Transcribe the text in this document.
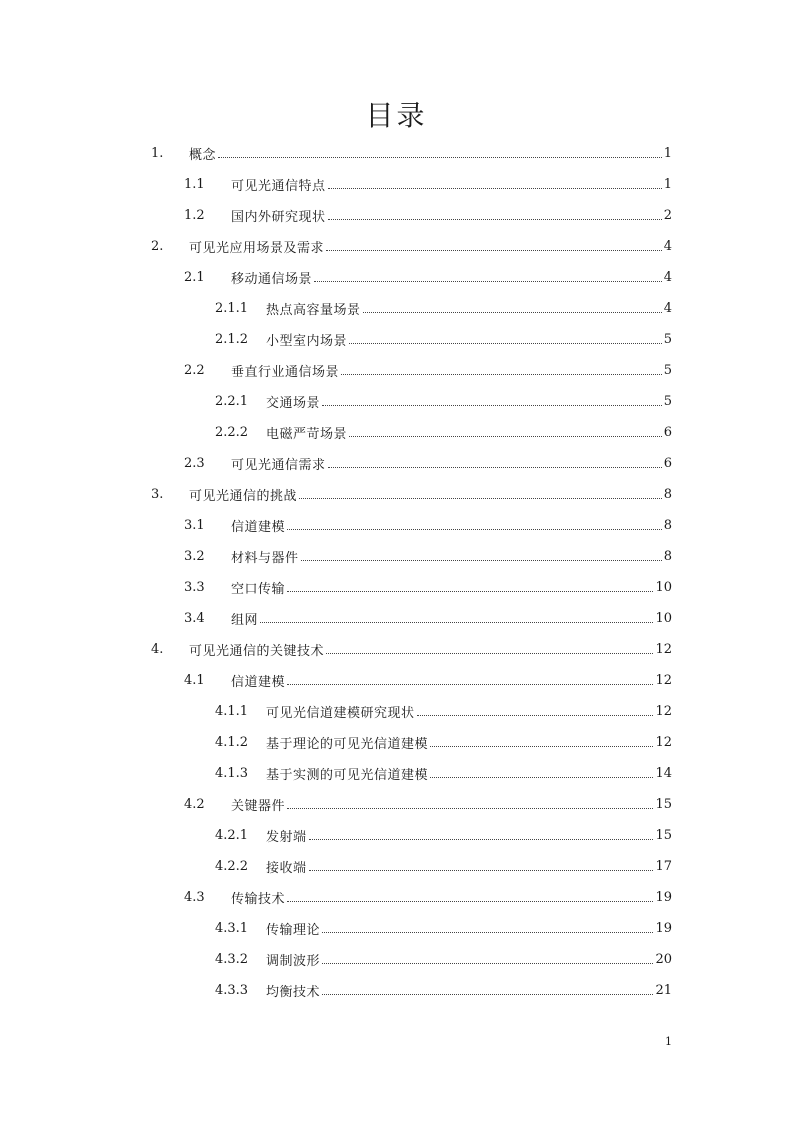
目录
1.	概念	1
1.1	可见光通信特点	1
1.2	国内外研究现状	2
2.	可见光应用场景及需求	4
2.1	移动通信场景	4
2.1.1	热点高容量场景	4
2.1.2	小型室内场景	5
2.2	垂直行业通信场景	5
2.2.1	交通场景	5
2.2.2	电磁严苛场景	6
2.3	可见光通信需求	6
3.	可见光通信的挑战	8
3.1	信道建模	8
3.2	材料与器件	8
3.3	空口传输	10
3.4	组网	10
4.	可见光通信的关键技术	12
4.1	信道建模	12
4.1.1	可见光信道建模研究现状	12
4.1.2	基于理论的可见光信道建模	12
4.1.3	基于实测的可见光信道建模	14
4.2	关键器件	15
4.2.1	发射端	15
4.2.2	接收端	17
4.3	传输技术	19
4.3.1	传输理论	19
4.3.2	调制波形	20
4.3.3	均衡技术	21
1
